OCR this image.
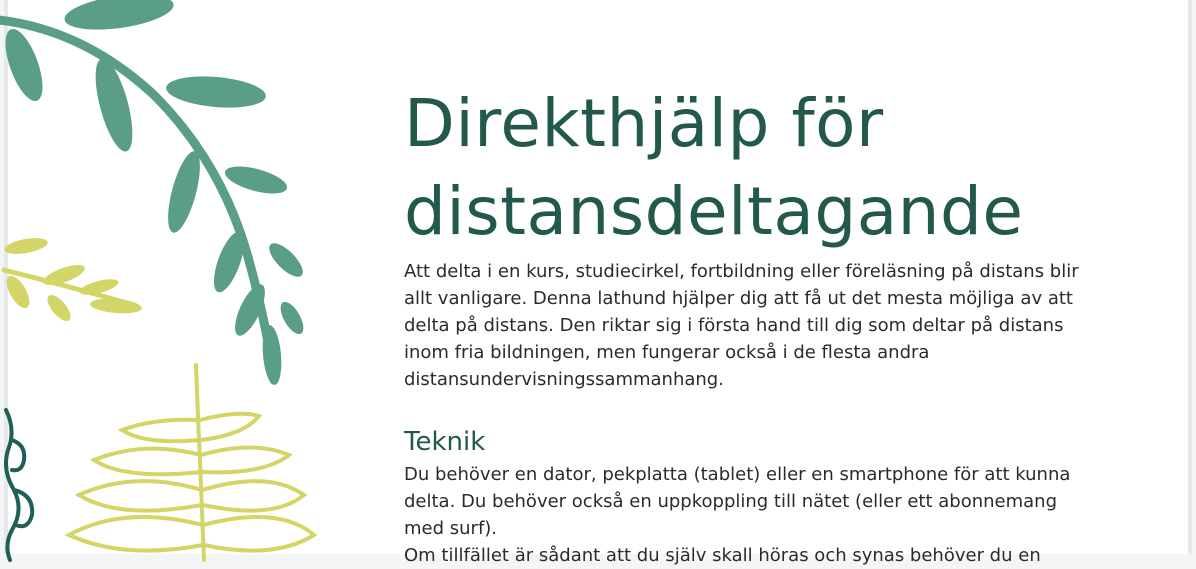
Direkthjälp för
distansdeltagande

Att delta i en kurs, studiecirkel, fortbildning eller föreläsning på distans blir allt vanligare. Denna lathund hjälper dig att få ut det mesta möjliga av att delta på distans. Den riktar sig i första hand till dig som deltar på distans inom fria bildningen, men fungerar också i de flesta andra distansundervisningssammanhang.

Teknik

Du behöver en dator, pekplatta (tablet) eller en smartphone för att kunna delta. Du behöver också en uppkoppling till nätet (eller ett abonnemang med surf).

Om tillfället är sådant att du själv skall höras och synas behöver du en
